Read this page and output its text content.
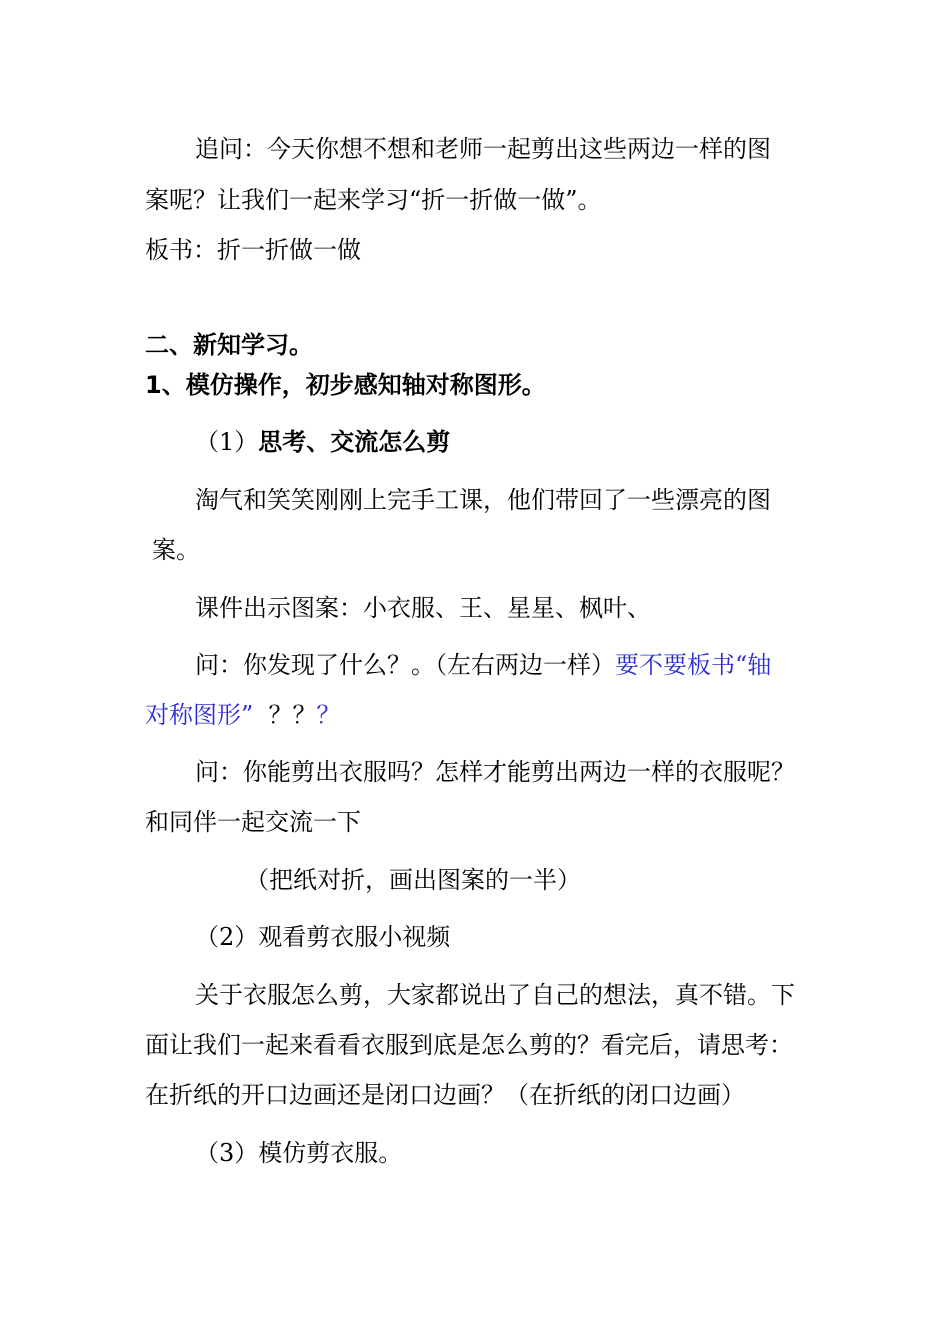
追问：今天你想不想和老师一起剪出这些两边一样的图

案呢？让我们一起来学习“折一折做一做”。

板书：折一折做一做

二、新知学习。

1、模仿操作，初步感知轴对称图形。

（1）思考、交流怎么剪

淘气和笑笑刚刚上完手工课，他们带回了一些漂亮的图

案。

课件出示图案：小衣服、王、星星、枫叶、

问：你发现了什么？。（左右两边一样）要不要板书“轴

对称图形” ？？？

问：你能剪出衣服吗？怎样才能剪出两边一样的衣服呢？

和同伴一起交流一下

（把纸对折，画出图案的一半）

（2）观看剪衣服小视频

关于衣服怎么剪，大家都说出了自己的想法，真不错。下

面让我们一起来看看衣服到底是怎么剪的？看完后，请思考：

在折纸的开口边画还是闭口边画？（在折纸的闭口边画）

（3）模仿剪衣服。
